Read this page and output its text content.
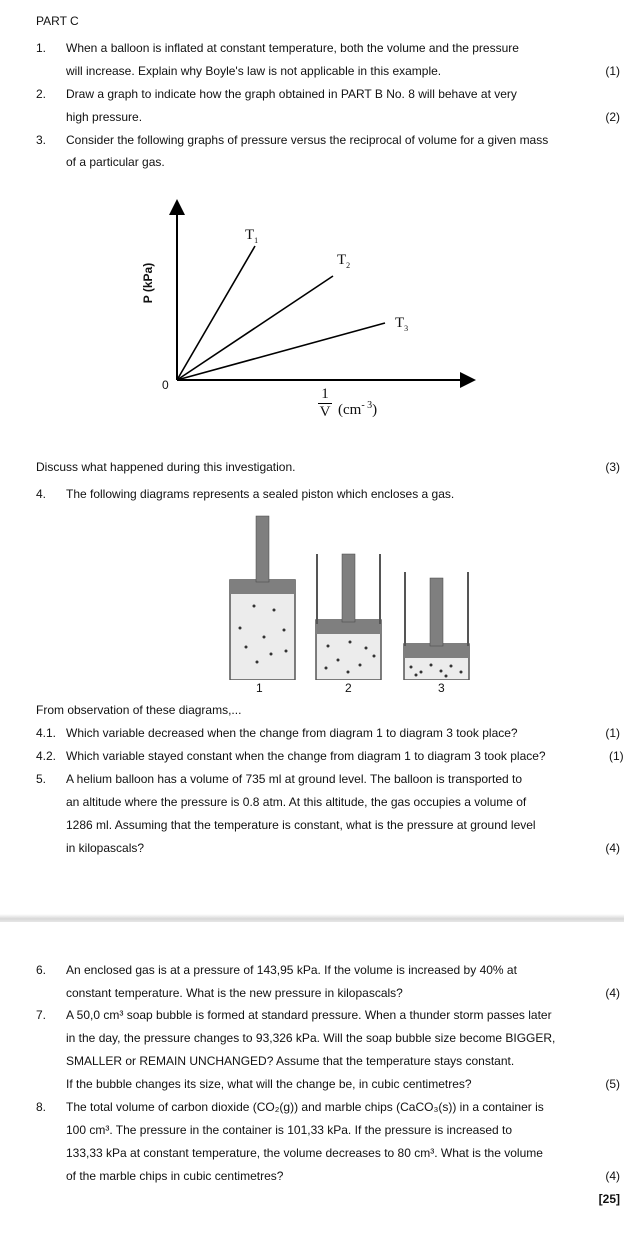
PART C
1. When a balloon is inflated at constant temperature, both the volume and the pressure
will increase. Explain why Boyle's law is not applicable in this example.	(1)
2. Draw a graph to indicate how the graph obtained in PART B No. 8 will behave at very
high pressure.	(2)
3. Consider the following graphs of pressure versus the reciprocal of volume for a given mass
of a particular gas.
P (kPa)
0
$T_1$
$T_2$
$T_3$
1
V $(cm^{- 3})$
Discuss what happened during this investigation.	(3)
4. The following diagrams represents a sealed piston which encloses a gas.
1	2	3
From observation of these diagrams,...
4.1. Which variable decreased when the change from diagram 1 to diagram 3 took place?	(1)
4.2. Which variable stayed constant when the change from diagram 1 to diagram 3 took place?	(1)
5. A helium balloon has a volume of 735 ml at ground level. The balloon is transported to
an altitude where the pressure is 0.8 atm. At this altitude, the gas occupies a volume of
1286 ml. Assuming that the temperature is constant, what is the pressure at ground level
in kilopascals?	(4)
6. An enclosed gas is at a pressure of 143,95 kPa. If the volume is increased by 40% at
constant temperature. What is the new pressure in kilopascals?	(4)
7. A 50,0 cm³ soap bubble is formed at standard pressure. When a thunder storm passes later
in the day, the pressure changes to 93,326 kPa. Will the soap bubble size become BIGGER,
SMALLER or REMAIN UNCHANGED? Assume that the temperature stays constant.
If the bubble changes its size, what will the change be, in cubic centimetres?	(5)
8. The total volume of carbon dioxide (CO₂(g)) and marble chips (CaCO₃(s)) in a container is
100 cm³. The pressure in the container is 101,33 kPa. If the pressure is increased to
133,33 kPa at constant temperature, the volume decreases to 80 cm³. What is the volume
of the marble chips in cubic centimetres?	(4)
[25]
